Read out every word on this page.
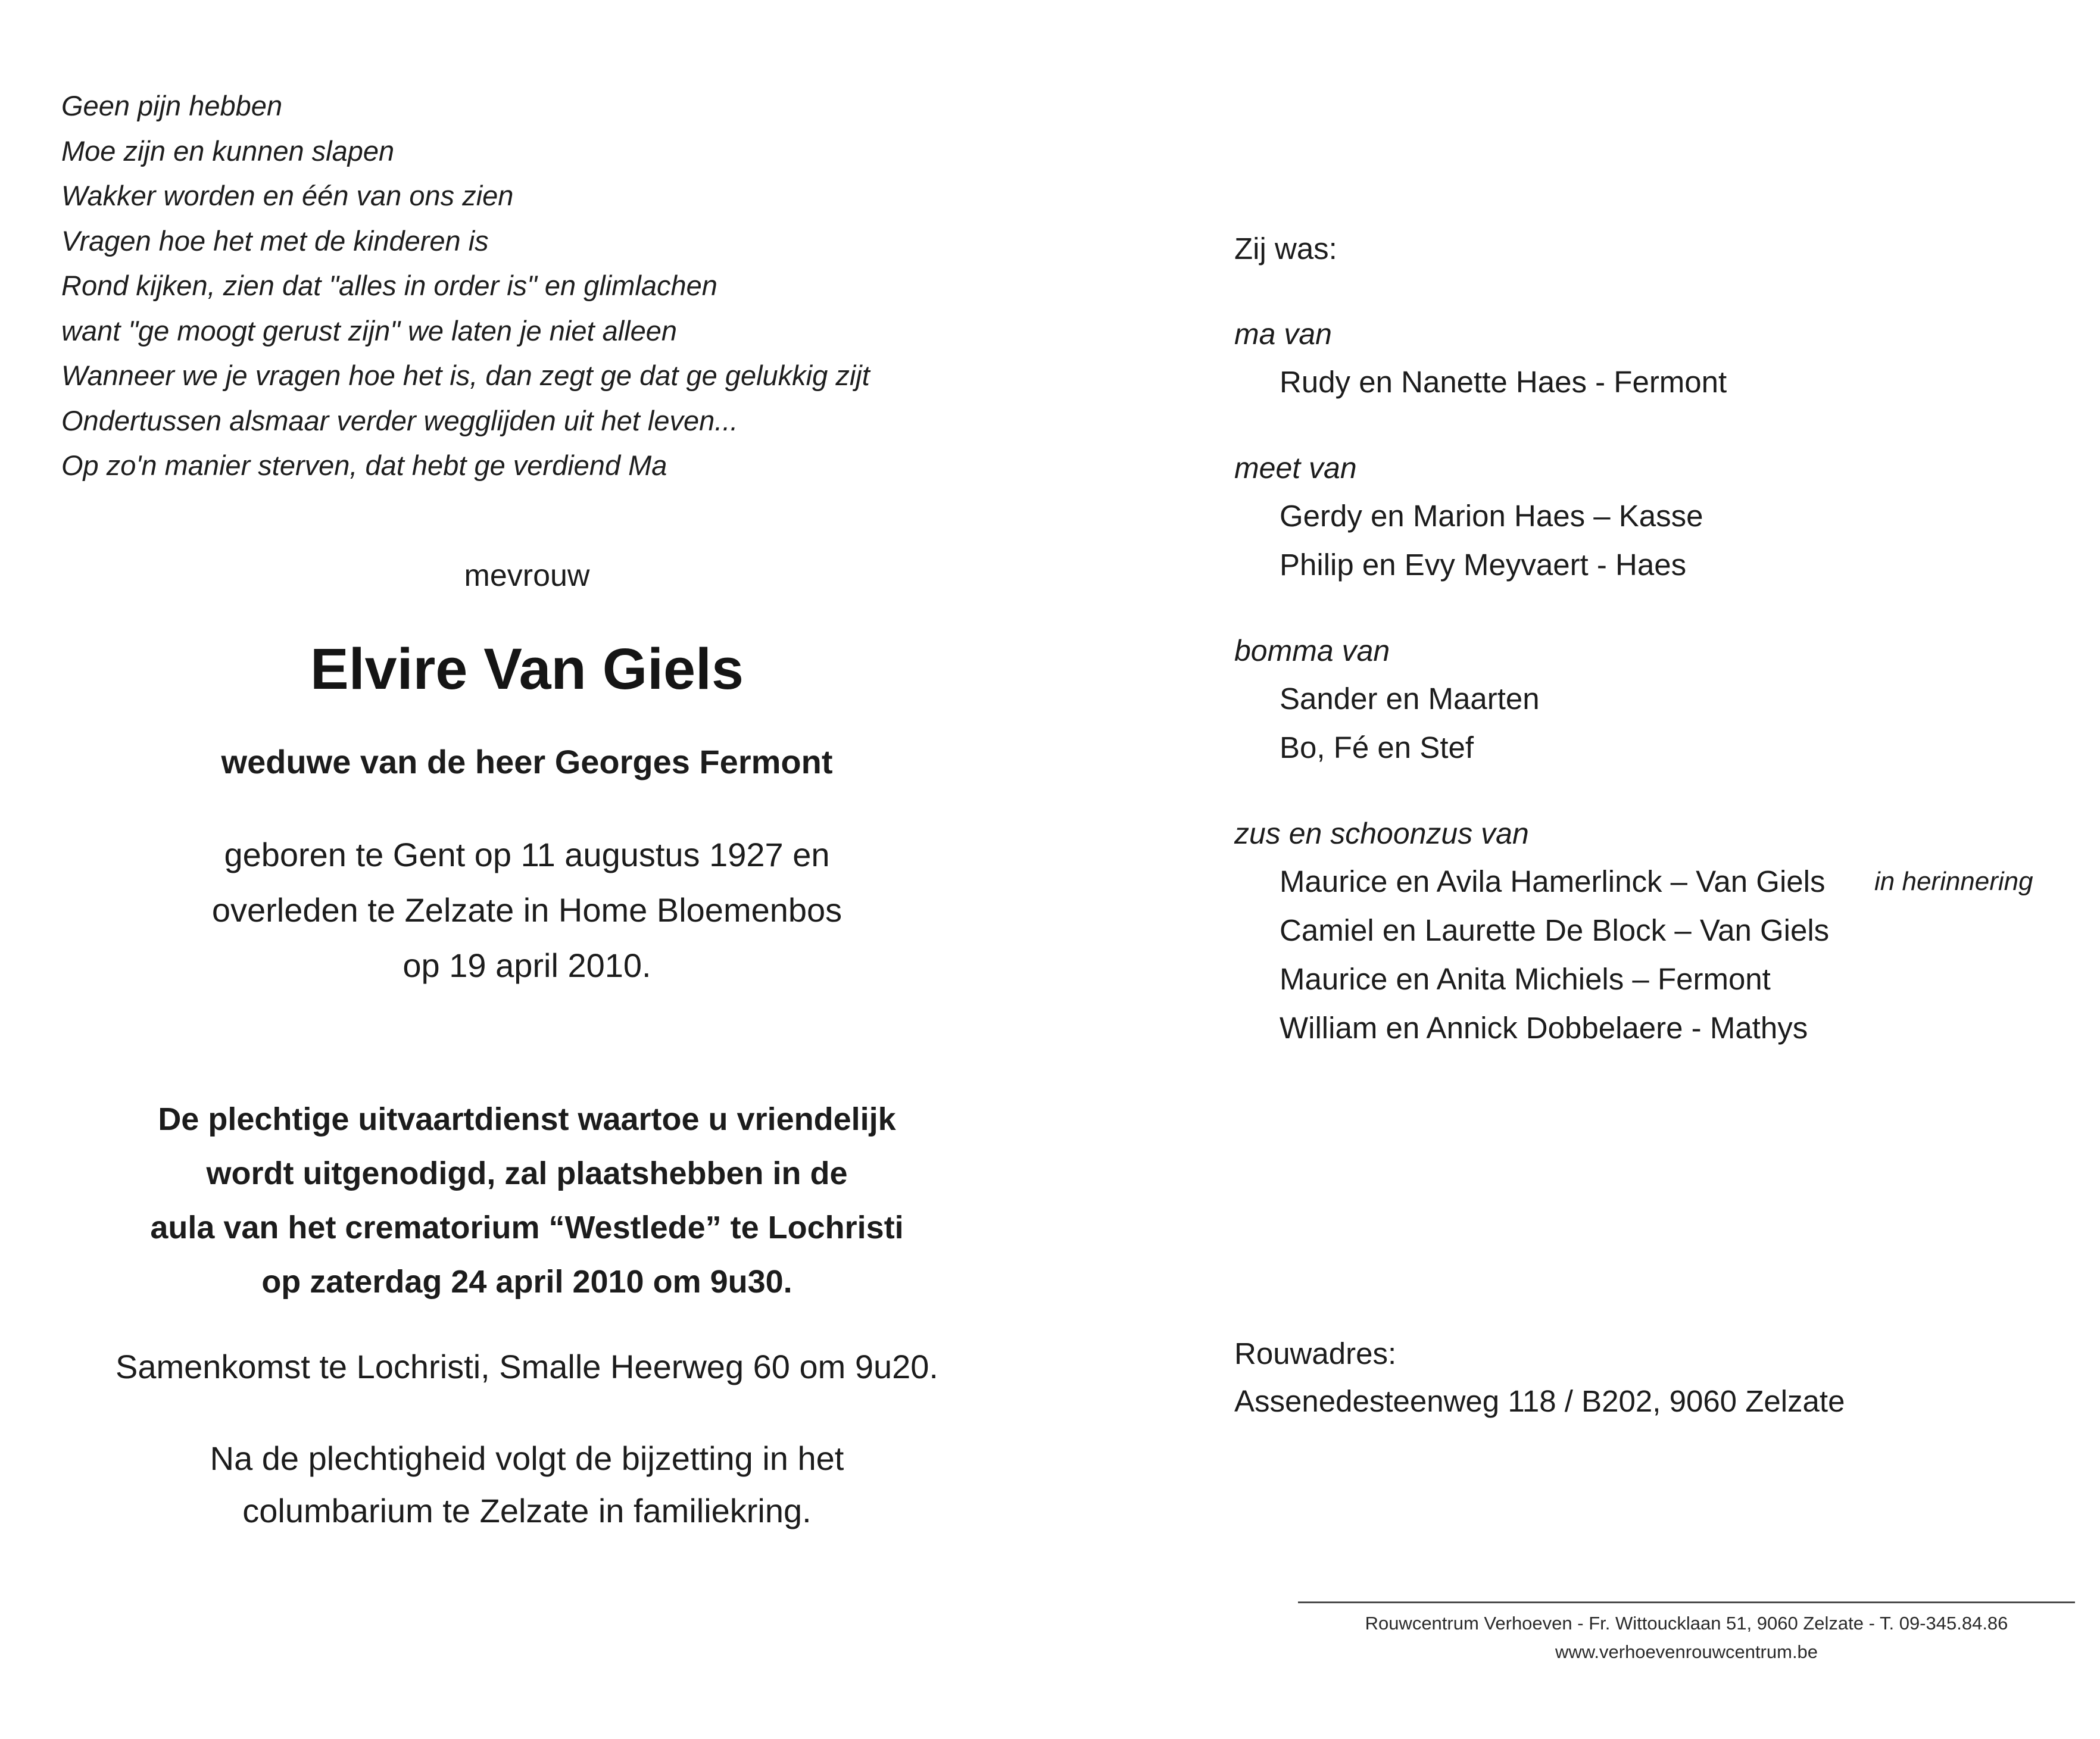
Geen pijn hebben
Moe zijn en kunnen slapen
Wakker worden en één van ons zien
Vragen hoe het met de kinderen is
Rond kijken, zien dat "alles in order is" en glimlachen
want "ge moogt gerust zijn" we laten je niet alleen
Wanneer we je vragen hoe het is, dan zegt ge dat ge gelukkig zijt
Ondertussen alsmaar verder wegglijden uit het leven...
Op zo'n manier sterven, dat hebt ge verdiend Ma
mevrouw
Elvire Van Giels
weduwe van de heer Georges Fermont
geboren te Gent op 11 augustus 1927 en
overleden te Zelzate in Home Bloemenbos
op 19 april 2010.
De plechtige uitvaartdienst waartoe u vriendelijk
wordt uitgenodigd, zal plaatshebben in de
aula van het crematorium “Westlede” te Lochristi
op zaterdag 24 april 2010 om 9u30.
Samenkomst te Lochristi, Smalle Heerweg 60 om 9u20.
Na de plechtigheid volgt de bijzetting in het
columbarium te Zelzate in familiekring.
Zij was:
ma van
Rudy en Nanette Haes - Fermont
meet van
Gerdy en Marion Haes – Kasse
Philip en Evy Meyvaert - Haes
bomma van
Sander en Maarten
Bo, Fé en Stef
zus en schoonzus van
Maurice en Avila Hamerlinck – Van Giels in herinnering
Camiel en Laurette De Block – Van Giels
Maurice en Anita Michiels – Fermont
William en Annick Dobbelaere - Mathys
Rouwadres:
Assenedesteenweg 118 / B202, 9060 Zelzate
Rouwcentrum Verhoeven - Fr. Wittoucklaan 51, 9060 Zelzate - T. 09-345.84.86
www.verhoevenrouwcentrum.be
